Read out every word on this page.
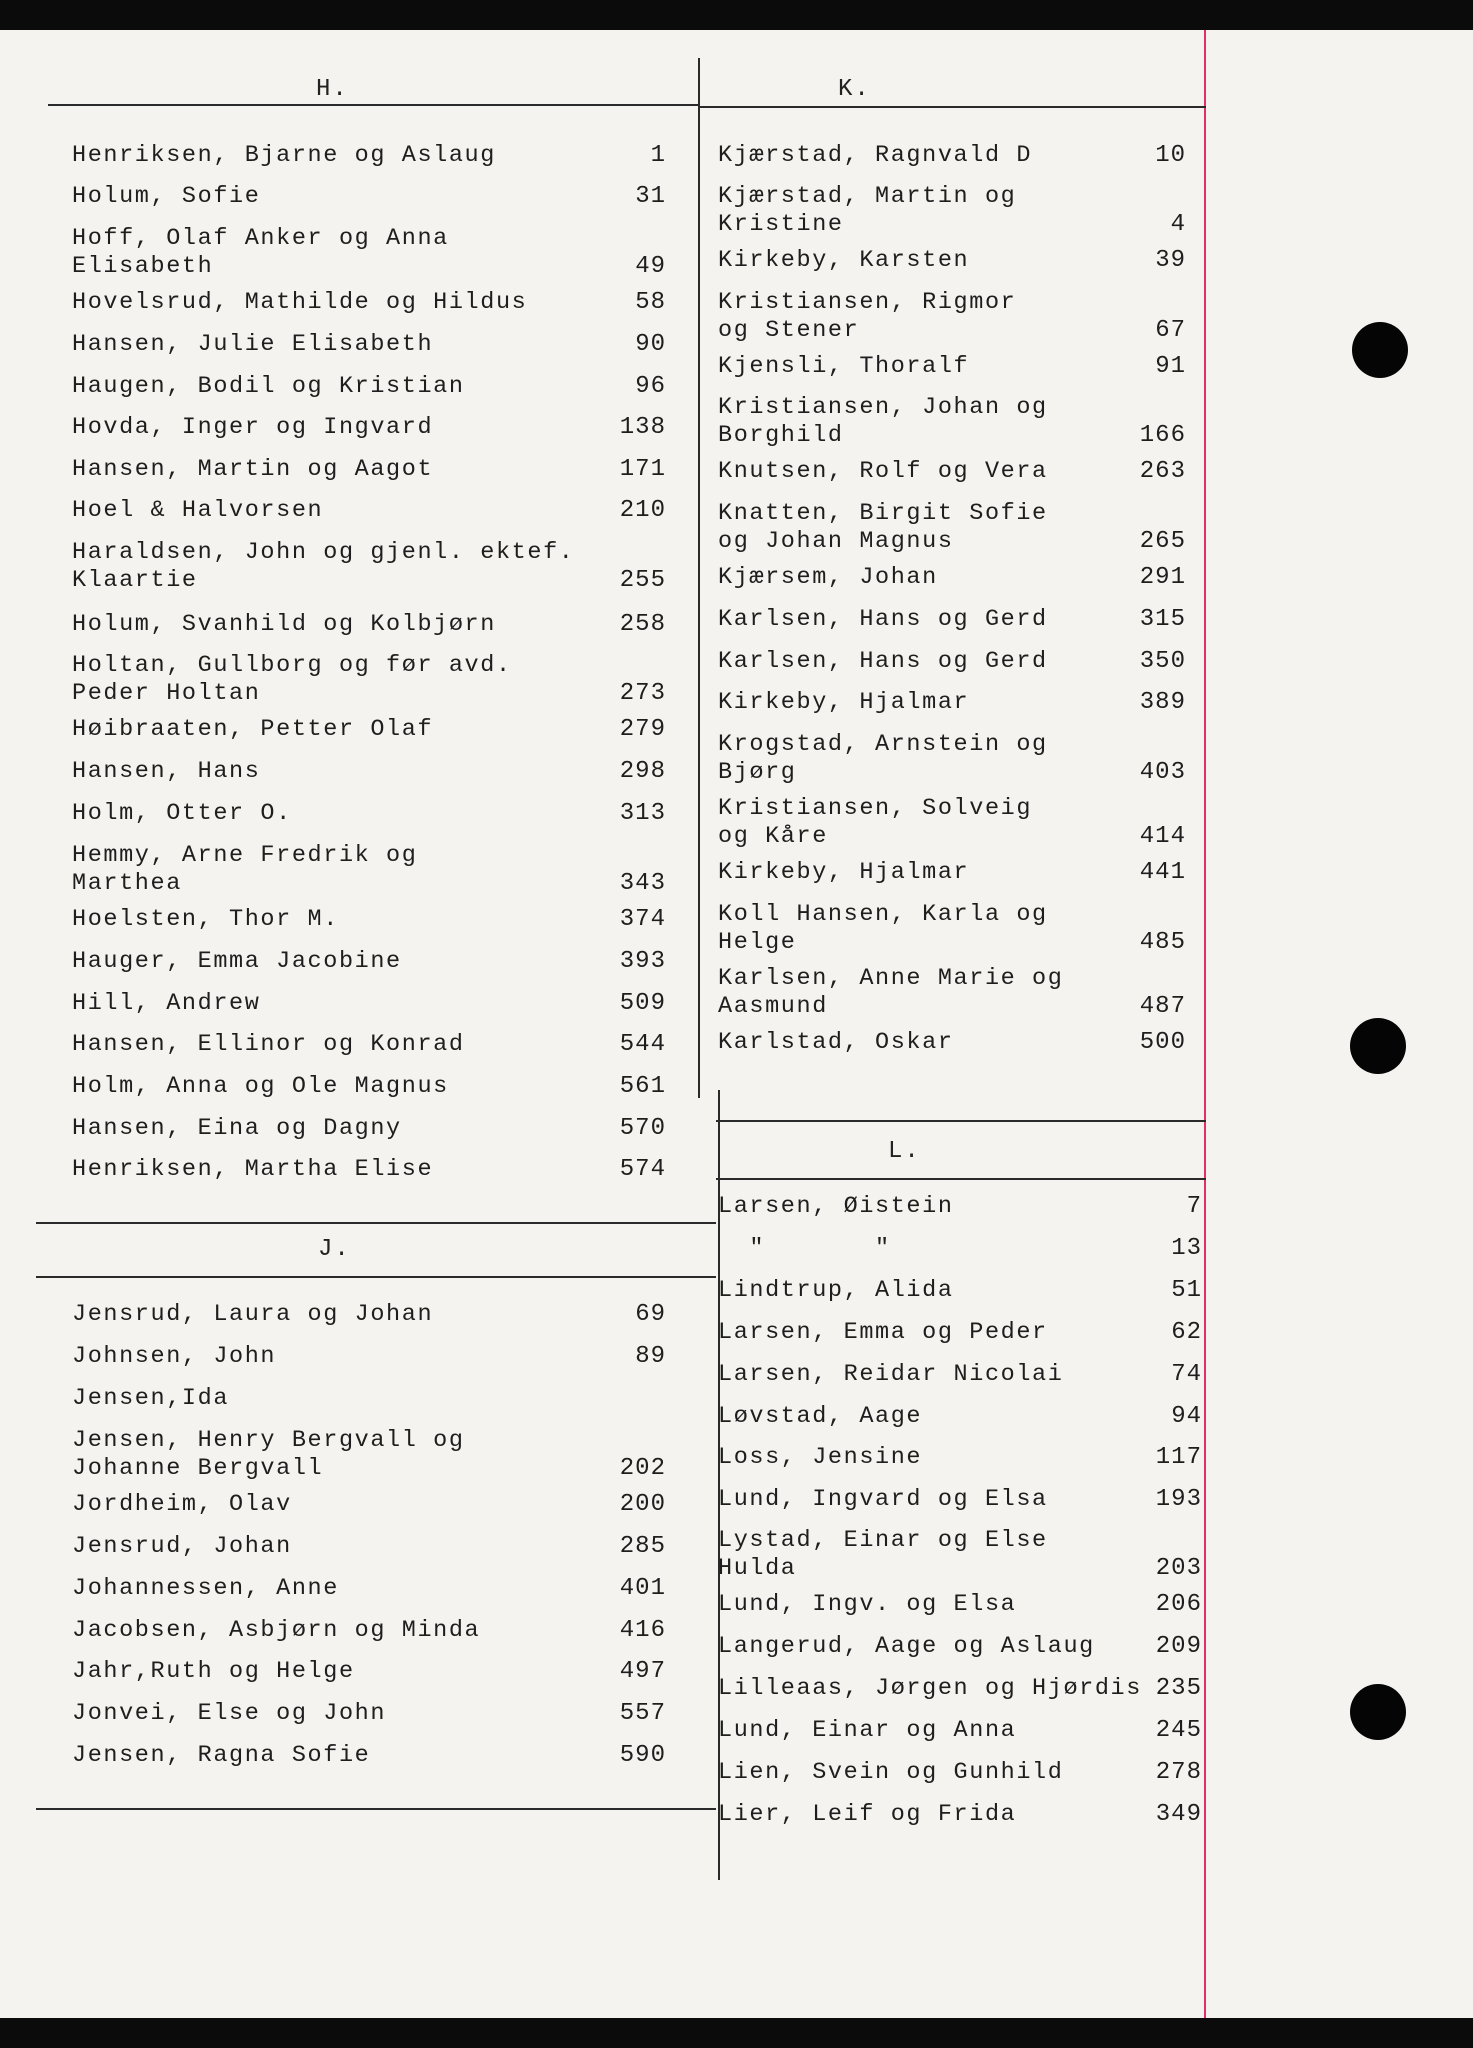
H.	K.
J.
L.
Henriksen, Bjarne og Aslaug	1
Holum, Sofie	31
Hoff, Olaf Anker og Anna
Elisabeth	49
Hovelsrud, Mathilde og Hildus	58
Hansen, Julie Elisabeth	90
Haugen, Bodil og Kristian	96
Hovda, Inger og Ingvard	138
Hansen, Martin og Aagot	171
Hoel & Halvorsen	210
Haraldsen, John og gjenl. ektef.
Klaartie	255
Holum, Svanhild og Kolbjørn	258
Holtan, Gullborg og før avd.
Peder Holtan	273
Høibraaten, Petter Olaf	279
Hansen, Hans	298
Holm, Otter O.	313
Hemmy, Arne Fredrik og
Marthea	343
Hoelsten, Thor M.	374
Hauger, Emma Jacobine	393
Hill, Andrew	509
Hansen, Ellinor og Konrad	544
Holm, Anna og Ole Magnus	561
Hansen, Eina og Dagny	570
Henriksen, Martha Elise	574
Jensrud, Laura og Johan	69
Johnsen, John	89
Jensen,Ida
Jensen, Henry Bergvall og
Johanne Bergvall	202
Jordheim, Olav	200
Jensrud, Johan	285
Johannessen, Anne	401
Jacobsen, Asbjørn og Minda	416
Jahr,Ruth og Helge	497
Jonvei, Else og John	557
Jensen, Ragna Sofie	590
Kjærstad, Ragnvald D	10
Kjærstad, Martin og
Kristine	4
Kirkeby, Karsten	39
Kristiansen, Rigmor
og Stener	67
Kjensli, Thoralf	91
Kristiansen, Johan og
Borghild	166
Knutsen, Rolf og Vera	263
Knatten, Birgit Sofie
og Johan Magnus	265
Kjærsem, Johan	291
Karlsen, Hans og Gerd	315
Karlsen, Hans og Gerd	350
Kirkeby, Hjalmar	389
Krogstad, Arnstein og
Bjørg	403
Kristiansen, Solveig
og Kåre	414
Kirkeby, Hjalmar	441
Koll Hansen, Karla og
Helge	485
Karlsen, Anne Marie og
Aasmund	487
Karlstad, Oskar	500
Larsen, Øistein	7
"       "	13
Lindtrup, Alida	51
Larsen, Emma og Peder	62
Larsen, Reidar Nicolai	74
Løvstad, Aage	94
Loss, Jensine	117
Lund, Ingvard og Elsa	193
Lystad, Einar og Else
Hulda	203
Lund, Ingv. og Elsa	206
Langerud, Aage og Aslaug	209
Lilleaas, Jørgen og Hjørdis 235
Lund, Einar og Anna	245
Lien, Svein og Gunhild	278
Lier, Leif og Frida	349
